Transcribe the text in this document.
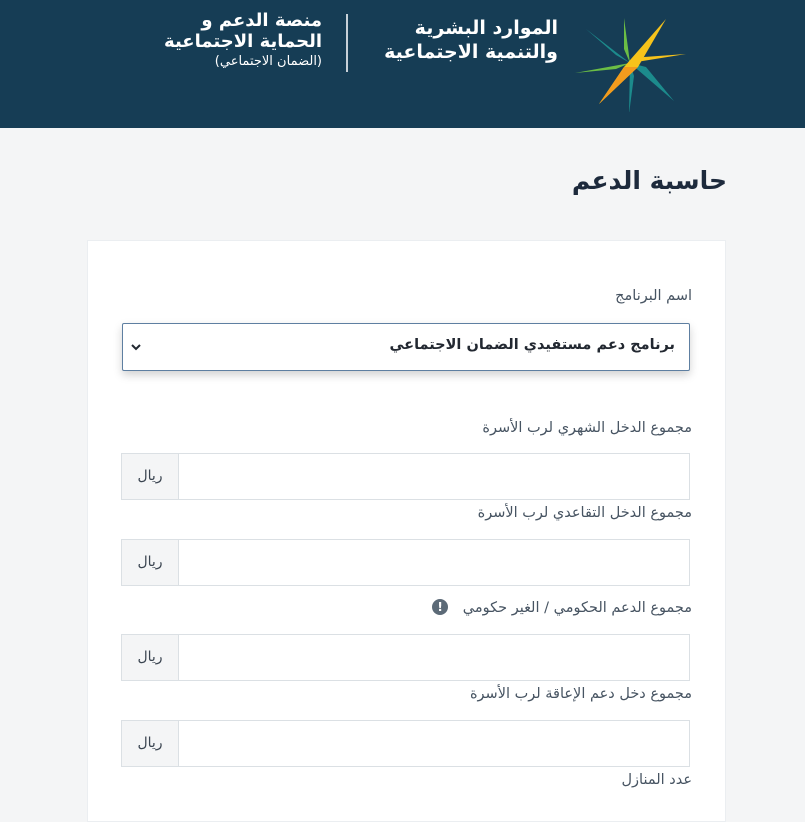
الموارد البشرية
والتنمية الاجتماعية
منصة الدعم و
الحماية الاجتماعية
(الضمان الاجتماعي)
حاسبة الدعم
اسم البرنامج
برنامج دعم مستفيدي الضمان الاجتماعي
مجموع الدخل الشهري لرب الأسرة
ريال
مجموع الدخل التقاعدي لرب الأسرة
ريال
مجموع الدعم الحكومي / الغير حكومي !
ريال
مجموع دخل دعم الإعاقة لرب الأسرة
ريال
عدد المنازل
